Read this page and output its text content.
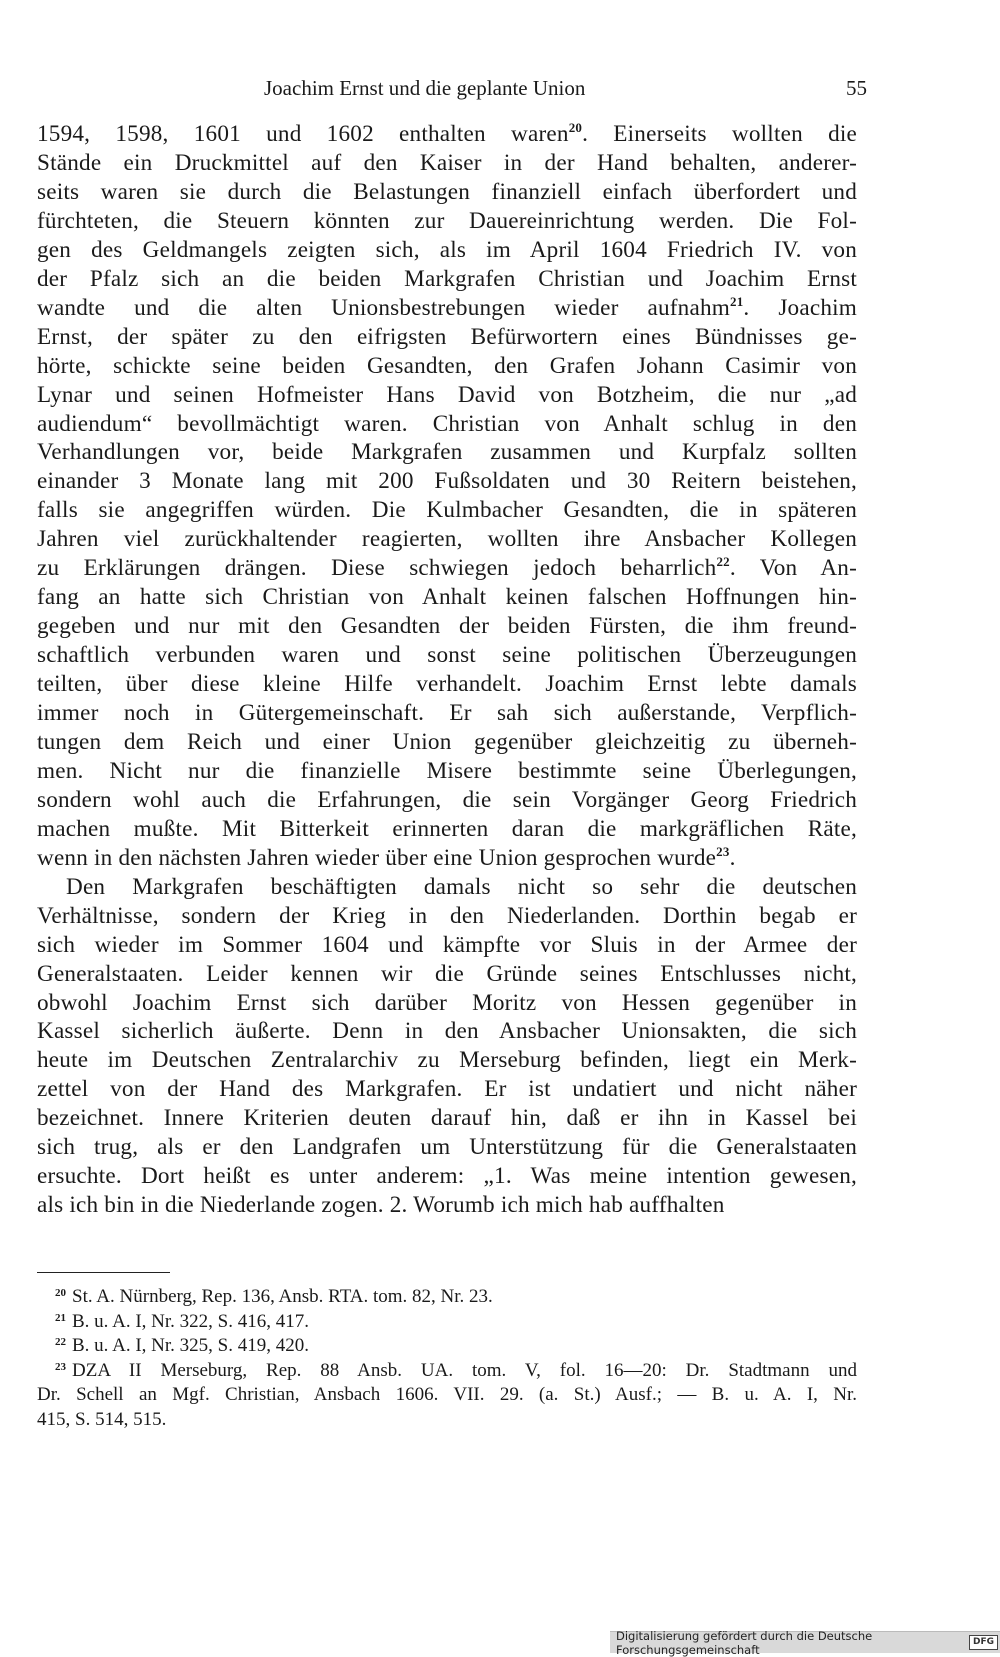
Joachim Ernst und die geplante Union	55
1594, 1598, 1601 und 1602 enthalten waren$^{20}$. Einerseits wollten die
Stände ein Druckmittel auf den Kaiser in der Hand behalten, anderer-
seits waren sie durch die Belastungen finanziell einfach überfordert und
fürchteten, die Steuern könnten zur Dauereinrichtung werden. Die Fol-
gen des Geldmangels zeigten sich, als im April 1604 Friedrich IV. von
der Pfalz sich an die beiden Markgrafen Christian und Joachim Ernst
wandte und die alten Unionsbestrebungen wieder aufnahm$^{21}$. Joachim
Ernst, der später zu den eifrigsten Befürwortern eines Bündnisses ge-
hörte, schickte seine beiden Gesandten, den Grafen Johann Casimir von
Lynar und seinen Hofmeister Hans David von Botzheim, die nur „ad
audiendum“ bevollmächtigt waren. Christian von Anhalt schlug in den
Verhandlungen vor, beide Markgrafen zusammen und Kurpfalz sollten
einander 3 Monate lang mit 200 Fußsoldaten und 30 Reitern beistehen,
falls sie angegriffen würden. Die Kulmbacher Gesandten, die in späteren
Jahren viel zurückhaltender reagierten, wollten ihre Ansbacher Kollegen
zu Erklärungen drängen. Diese schwiegen jedoch beharrlich$^{22}$. Von An-
fang an hatte sich Christian von Anhalt keinen falschen Hoffnungen hin-
gegeben und nur mit den Gesandten der beiden Fürsten, die ihm freund-
schaftlich verbunden waren und sonst seine politischen Überzeugungen
teilten, über diese kleine Hilfe verhandelt. Joachim Ernst lebte damals
immer noch in Gütergemeinschaft. Er sah sich außerstande, Verpflich-
tungen dem Reich und einer Union gegenüber gleichzeitig zu überneh-
men. Nicht nur die finanzielle Misere bestimmte seine Überlegungen,
sondern wohl auch die Erfahrungen, die sein Vorgänger Georg Friedrich
machen mußte. Mit Bitterkeit erinnerten daran die markgräflichen Räte,
wenn in den nächsten Jahren wieder über eine Union gesprochen wurde$^{23}$.
Den Markgrafen beschäftigten damals nicht so sehr die deutschen
Verhältnisse, sondern der Krieg in den Niederlanden. Dorthin begab er
sich wieder im Sommer 1604 und kämpfte vor Sluis in der Armee der
Generalstaaten. Leider kennen wir die Gründe seines Entschlusses nicht,
obwohl Joachim Ernst sich darüber Moritz von Hessen gegenüber in
Kassel sicherlich äußerte. Denn in den Ansbacher Unionsakten, die sich
heute im Deutschen Zentralarchiv zu Merseburg befinden, liegt ein Merk-
zettel von der Hand des Markgrafen. Er ist undatiert und nicht näher
bezeichnet. Innere Kriterien deuten darauf hin, daß er ihn in Kassel bei
sich trug, als er den Landgrafen um Unterstützung für die Generalstaaten
ersuchte. Dort heißt es unter anderem: „1. Was meine intention gewesen,
als ich bin in die Niederlande zogen. 2. Worumb ich mich hab auffhalten
20 St. A. Nürnberg, Rep. 136, Ansb. RTA. tom. 82, Nr. 23.
21 B. u. A. I, Nr. 322, S. 416, 417.
22 B. u. A. I, Nr. 325, S. 419, 420.
23 DZA II Merseburg, Rep. 88 Ansb. UA. tom. V, fol. 16—20: Dr. Stadtmann und
Dr. Schell an Mgf. Christian, Ansbach 1606. VII. 29. (a. St.) Ausf.; — B. u. A. I, Nr.
415, S. 514, 515.
Digitalisierung gefördert durch die Deutsche Forschungsgemeinschaft
DFG
